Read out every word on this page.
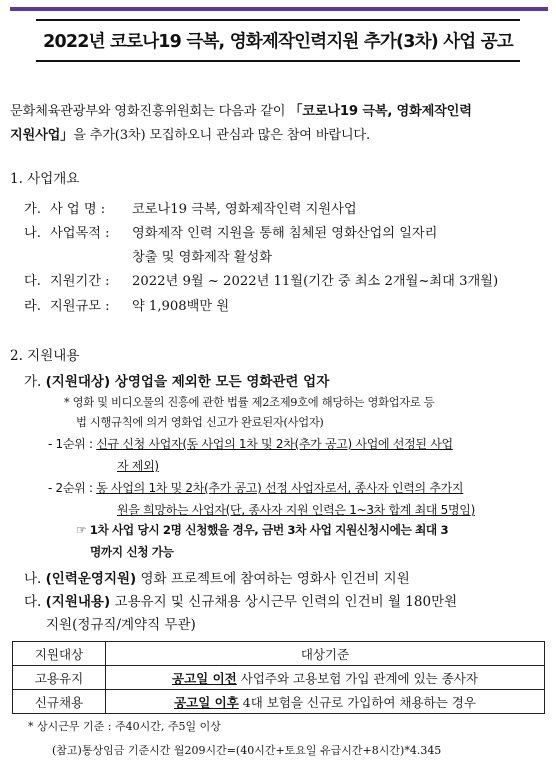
2022년 코로나19 극복, 영화제작인력지원 추가(3차) 사업 공고
문화체육관광부와 영화진흥위원회는 다음과 같이 「코로나19 극복, 영화제작인력
지원사업」을 추가(3차) 모집하오니 관심과 많은 참여 바랍니다.
1. 사업개요
가. 사 업 명 : 코로나19 극복, 영화제작인력 지원사업
나. 사업목적 : 영화제작 인력 지원을 통해 침체된 영화산업의 일자리
창출 및 영화제작 활성화
다. 지원기간 : 2022년 9월 ~ 2022년 11월(기간 중 최소 2개월~최대 3개월)
라. 지원규모 : 약 1,908백만 원
2. 지원내용
가. (지원대상) 상영업을 제외한 모든 영화관련 업자
* 영화 및 비디오물의 진흥에 관한 법률 제2조제9호에 해당하는 영화업자로 등
법 시행규칙에 의거 영화업 신고가 완료된자(사업자)
- 1순위 : 신규 신청 사업자(동 사업의 1차 및 2차(추가 공고) 사업에 선정된 사업
자 제외)
- 2순위 : 동 사업의 1차 및 2차(추가 공고) 선정 사업자로서, 종사자 인력의 추가지
원을 희망하는 사업자(단, 종사자 지원 인력은 1~3차 합계 최대 5명임)
☞ 1차 사업 당시 2명 신청했을 경우, 금번 3차 사업 지원신청시에는 최대 3
명까지 신청 가능
나. (인력운영지원) 영화 프로젝트에 참여하는 영화사 인건비 지원
다. (지원내용) 고용유지 및 신규채용 상시근무 인력의 인건비 월 180만원
지원(정규직/계약직 무관)
지원대상	대상기준
고용유지	공고일 이전 사업주와 고용보험 가입 관계에 있는 종사자
신규채용	공고일 이후 4대 보험을 신규로 가입하여 채용하는 경우
* 상시근무 기준 : 주40시간, 주5일 이상
(참고)통상임금 기준시간 월209시간=(40시간+토요일 유급시간+8시간)*4.345
